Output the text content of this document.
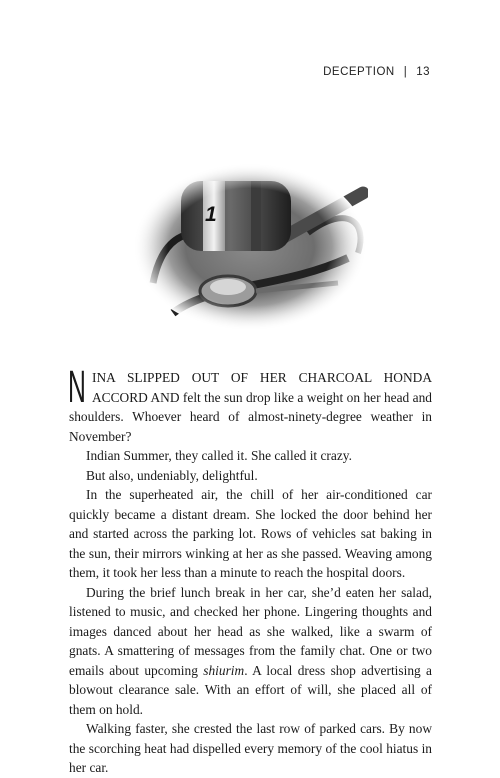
DECEPTION | 13
1

NINA SLIPPED OUT OF HER CHARCOAL HONDA ACCORD AND felt the sun drop like a weight on her head and shoulders. Whoever heard of almost-ninety-degree weather in November?

Indian Summer, they called it. She called it crazy.

But also, undeniably, delightful.

In the superheated air, the chill of her air-conditioned car quickly became a distant dream. She locked the door behind her and started across the parking lot. Rows of vehicles sat baking in the sun, their mirrors winking at her as she passed. Weaving among them, it took her less than a minute to reach the hospital doors.

During the brief lunch break in her car, she’d eaten her salad, listened to music, and checked her phone. Lingering thoughts and images danced about her head as she walked, like a swarm of gnats. A smattering of messages from the family chat. One or two emails about upcoming shiurim. A local dress shop advertising a blowout clearance sale. With an effort of will, she placed all of them on hold.

Walking faster, she crested the last row of parked cars. By now the scorching heat had dispelled every memory of the cool hiatus in her car.
